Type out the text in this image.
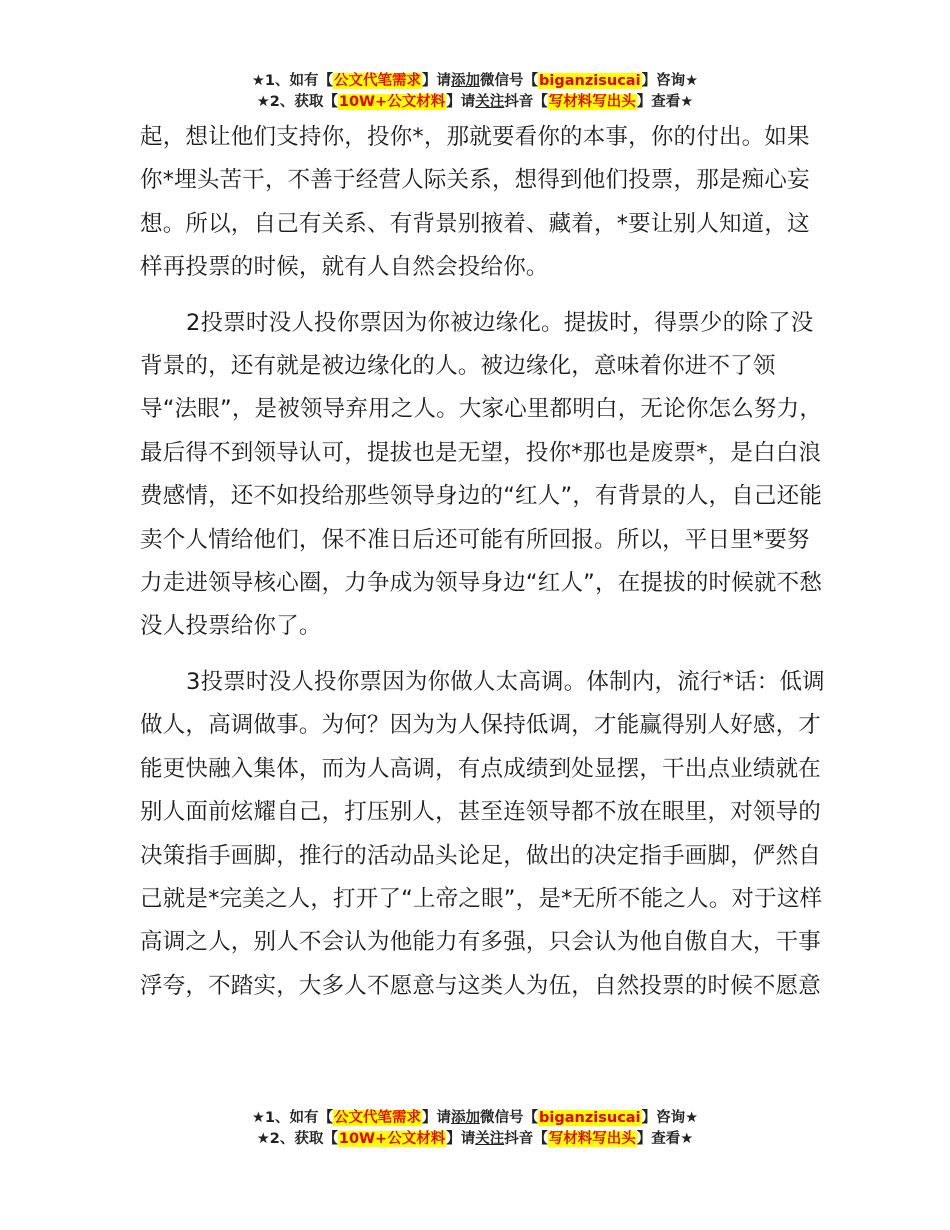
★1、如有【公文代笔需求】请添加微信号【biganzisucai】咨询★
★2、获取【10W+公文材料】请关注抖音【写材料写出头】查看★

起，想让他们支持你，投你*，那就要看你的本事，你的付出。如果你*埋头苦干，不善于经营人际关系，想得到他们投票，那是痴心妄想。所以，自己有关系、有背景别掖着、藏着，*要让别人知道，这样再投票的时候，就有人自然会投给你。

2投票时没人投你票因为你被边缘化。提拔时，得票少的除了没背景的，还有就是被边缘化的人。被边缘化，意味着你进不了领导“法眼”，是被领导弃用之人。大家心里都明白，无论你怎么努力，最后得不到领导认可，提拔也是无望，投你*那也是废票*，是白白浪费感情，还不如投给那些领导身边的“红人”，有背景的人，自己还能卖个人情给他们，保不准日后还可能有所回报。所以，平日里*要努力走进领导核心圈，力争成为领导身边“红人”，在提拔的时候就不愁没人投票给你了。

3投票时没人投你票因为你做人太高调。体制内，流行*话：低调做人，高调做事。为何？因为为人保持低调，才能赢得别人好感，才能更快融入集体，而为人高调，有点成绩到处显摆，干出点业绩就在别人面前炫耀自己，打压别人，甚至连领导都不放在眼里，对领导的决策指手画脚，推行的活动品头论足，做出的决定指手画脚，俨然自己就是*完美之人，打开了“上帝之眼”，是*无所不能之人。对于这样高调之人，别人不会认为他能力有多强，只会认为他自傲自大，干事浮夸，不踏实，大多人不愿意与这类人为伍，自然投票的时候不愿意

★1、如有【公文代笔需求】请添加微信号【biganzisucai】咨询★
★2、获取【10W+公文材料】请关注抖音【写材料写出头】查看★
